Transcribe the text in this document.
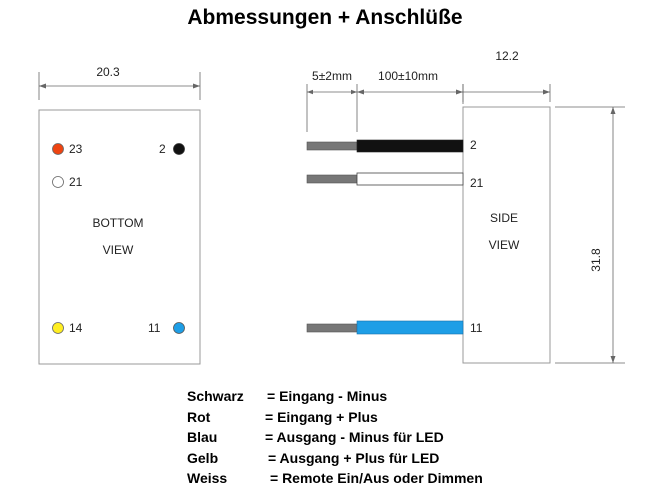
Abmessungen + Anschlüße
20.3
BOTTOM
VIEW
23	2
21
14	11
5±2mm 100±10mm
12.2
SIDE
VIEW
31.8
2
21
11
Schwarz = Eingang - Minus
Rot	= Eingang + Plus
Blau	= Ausgang - Minus für LED
Gelb	= Ausgang + Plus für LED
Weiss	= Remote Ein/Aus oder Dimmen
